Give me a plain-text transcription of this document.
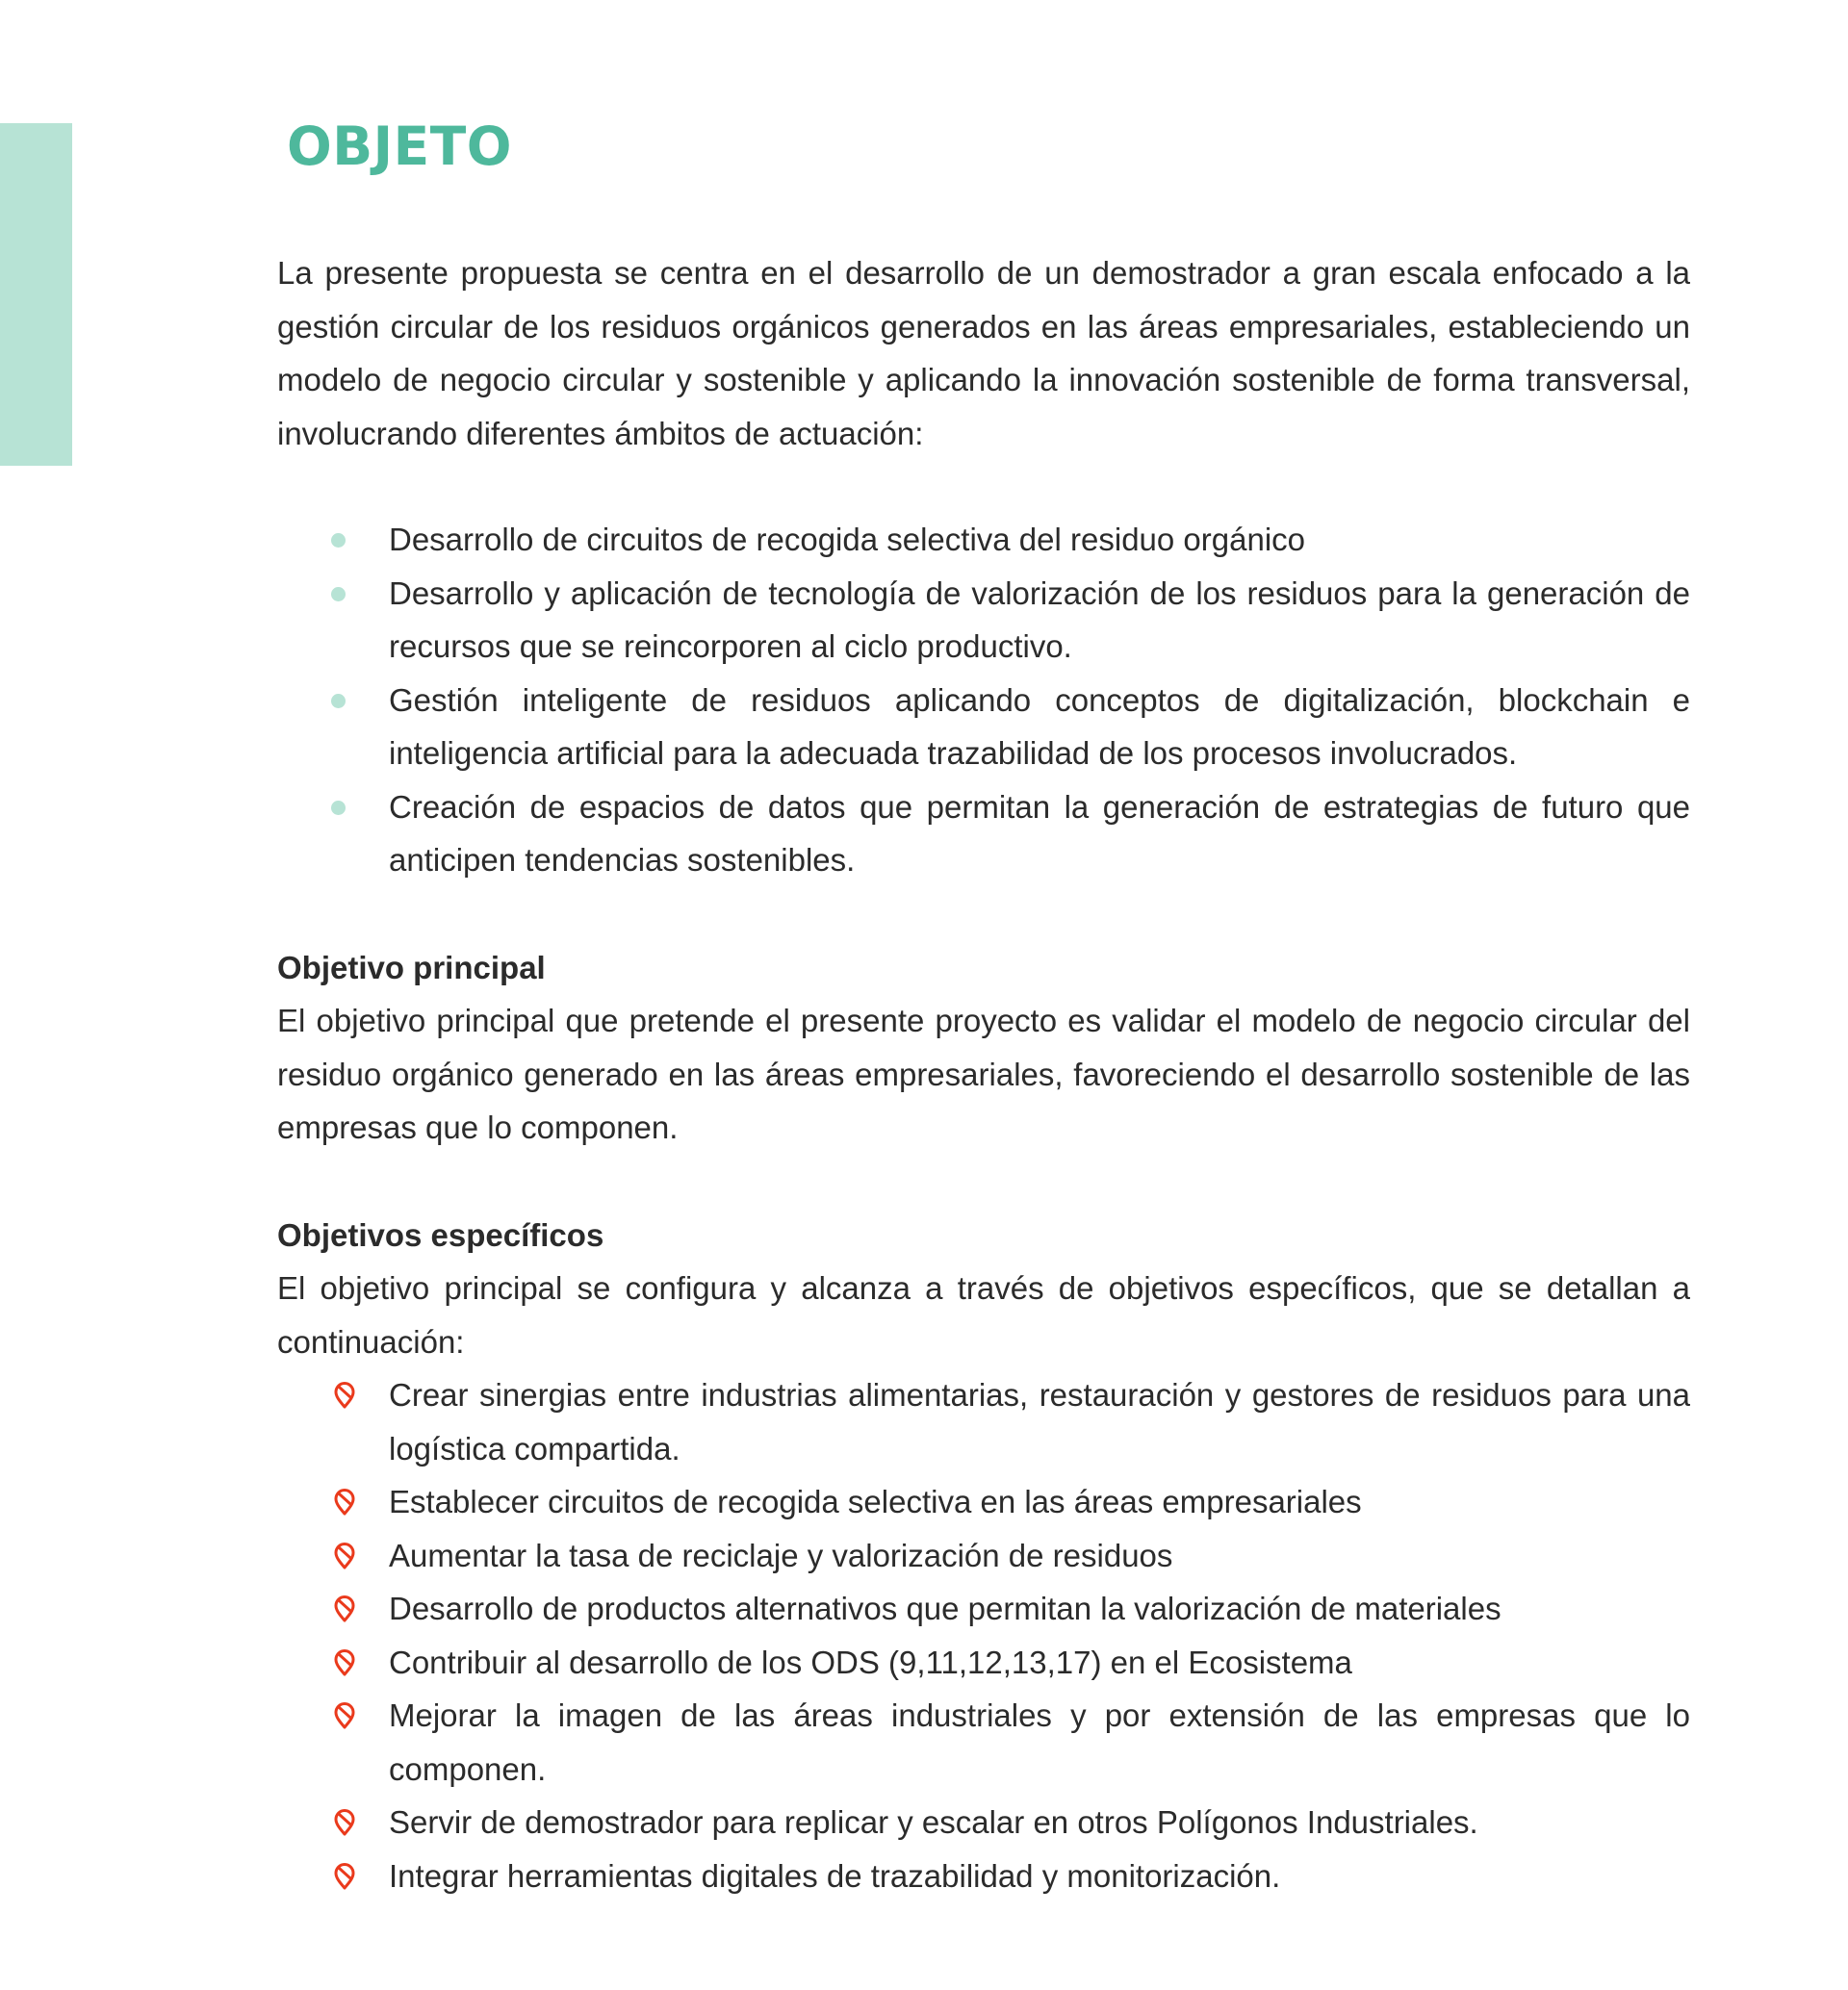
OBJETO

La presente propuesta se centra en el desarrollo de un demostrador a gran escala enfocado a la gestión circular de los residuos orgánicos generados en las áreas empresariales, estableciendo un modelo de negocio circular y sostenible y aplicando la innovación sostenible de forma transversal, involucrando diferentes ámbitos de actuación:

Desarrollo de circuitos de recogida selectiva del residuo orgánico
Desarrollo y aplicación de tecnología de valorización de los residuos para la generación de recursos que se reincorporen al ciclo productivo.
Gestión inteligente de residuos aplicando conceptos de digitalización, blockchain e inteligencia artificial para la adecuada trazabilidad de los procesos involucrados.
Creación de espacios de datos que permitan la generación de estrategias de futuro que anticipen tendencias sostenibles.

Objetivo principal

El objetivo principal que pretende el presente proyecto es validar el modelo de negocio circular del residuo orgánico generado en las áreas empresariales, favoreciendo el desarrollo sostenible de las empresas que lo componen.

Objetivos específicos

El objetivo principal se configura y alcanza a través de objetivos específicos, que se detallan a continuación:

Crear sinergias entre industrias alimentarias, restauración y gestores de residuos para una logística compartida.
Establecer circuitos de recogida selectiva en las áreas empresariales
Aumentar la tasa de reciclaje y valorización de residuos
Desarrollo de productos alternativos que permitan la valorización de materiales
Contribuir al desarrollo de los ODS (9,11,12,13,17) en el Ecosistema
Mejorar la imagen de las áreas industriales y por extensión de las empresas que lo componen.
Servir de demostrador para replicar y escalar en otros Polígonos Industriales.
Integrar herramientas digitales de trazabilidad y monitorización.
